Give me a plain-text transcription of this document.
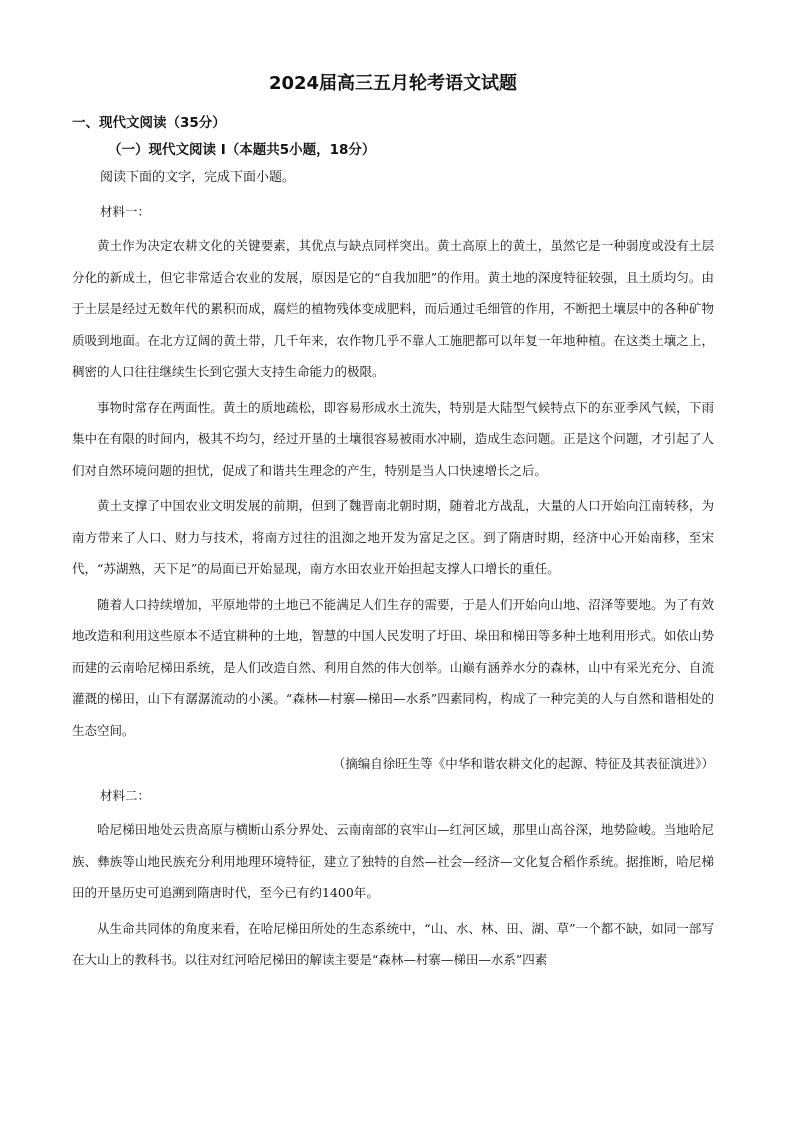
2024届高三五月轮考语文试题

一、现代文阅读（35分）

（一）现代文阅读 I（本题共5小题，18分）

阅读下面的文字，完成下面小题。

材料一：

黄土作为决定农耕文化的关键要素，其优点与缺点同样突出。黄土高原上的黄土，虽然它是一种弱度或没有土层分化的新成土，但它非常适合农业的发展，原因是它的“自我加肥”的作用。黄土地的深度特征较强，且土质均匀。由于土层是经过无数年代的累积而成，腐烂的植物残体变成肥料，而后通过毛细管的作用，不断把土壤层中的各种矿物质吸到地面。在北方辽阔的黄土带，几千年来，农作物几乎不靠人工施肥都可以年复一年地种植。在这类土壤之上，稠密的人口往往继续生长到它强大支持生命能力的极限。

事物时常存在两面性。黄土的质地疏松，即容易形成水土流失，特别是大陆型气候特点下的东亚季风气候，下雨集中在有限的时间内，极其不均匀，经过开垦的土壤很容易被雨水冲刷，造成生态问题。正是这个问题，才引起了人们对自然环境问题的担忧，促成了和谐共生理念的产生，特别是当人口快速增长之后。

黄土支撑了中国农业文明发展的前期，但到了魏晋南北朝时期，随着北方战乱，大量的人口开始向江南转移，为南方带来了人口、财力与技术，将南方过往的沮洳之地开发为富足之区。到了隋唐时期，经济中心开始南移，至宋代，“苏湖熟，天下足”的局面已开始显现，南方水田农业开始担起支撑人口增长的重任。

随着人口持续增加，平原地带的土地已不能满足人们生存的需要，于是人们开始向山地、沼泽等要地。为了有效地改造和利用这些原本不适宜耕种的土地，智慧的中国人民发明了圩田、垛田和梯田等多种土地利用形式。如依山势而建的云南哈尼梯田系统，是人们改造自然、利用自然的伟大创举。山巅有涵养水分的森林，山中有采光充分、自流灌溉的梯田，山下有潺潺流动的小溪。“森林—村寨—梯田—水系”四素同构，构成了一种完美的人与自然和谐相处的生态空间。

（摘编自徐旺生等《中华和谐农耕文化的起源、特征及其表征演进》）

材料二：

哈尼梯田地处云贵高原与横断山系分界处、云南南部的哀牢山—红河区域，那里山高谷深，地势险峻。当地哈尼族、彝族等山地民族充分利用地理环境特征，建立了独特的自然—社会—经济—文化复合稻作系统。据推断，哈尼梯田的开垦历史可追溯到隋唐时代，至今已有约1400年。

从生命共同体的角度来看，在哈尼梯田所处的生态系统中，“山、水、林、田、湖、草”一个都不缺，如同一部写在大山上的教科书。以往对红河哈尼梯田的解读主要是“森林—村寨—梯田—水系”四素
